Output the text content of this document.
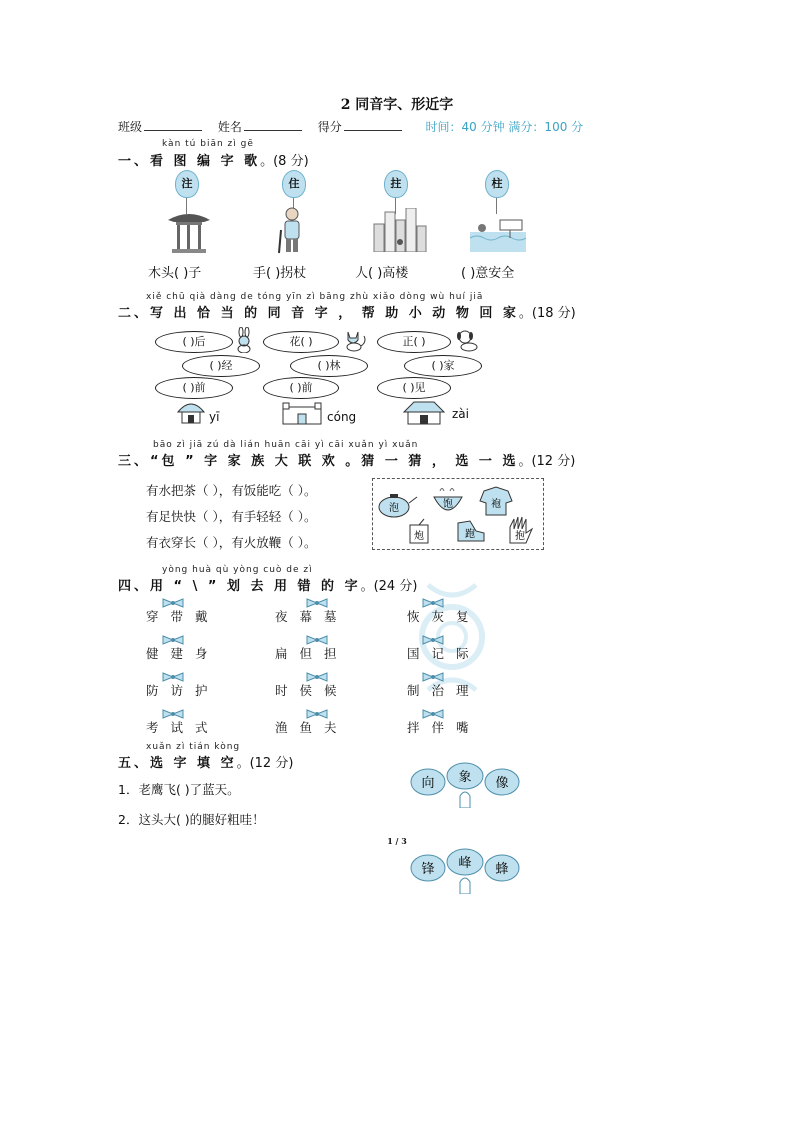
2 同音字、形近字
班级	姓名	得分	时间：40 分钟 满分：100 分
kàn tú biān zì gē
一、看 图 编 字 歌。(8 分)
注	住	拄	柱
木头( )子	手( )拐杖	人( )高楼	( )意安全
xiě chū qià dàng de tóng yīn zì bāng zhù xiǎo dòng wù huí jiā
二、写 出 恰 当 的 同 音 字 ， 帮 助 小 动 物 回 家。(18 分)
( )后	花( )	正( )
( )经	( )林	( )家
( )前	( )前	( )见
yī	cóng	zài
bāo zì jiā zú dà lián huān cāi yì cāi xuǎn yì xuǎn
三、“包 ” 字 家 族 大 联 欢 。猜 一 猜 ， 选 一 选。(12 分)
有水把茶（ ），有饭能吃（ ）。
有足快快（ ），有手轻轻（ ）。
有衣穿长（ ），有火放鞭（ ）。
泡	饱	袍
炮	跑	抱
yòng huà qù yòng cuò de zì
四、用 “ \ ” 划 去 用 错 的 字。(24 分)
穿带戴	夜幕墓	恢灰复
健建身	扁但担	国记际
防访护	时侯候	制治理
考试式	渔鱼夫	拌伴嘴
xuǎn zì tián kòng
五、选 字 填 空。(12 分)
1．老鹰飞( )了蓝天。
2．这头大( )的腿好粗哇！
向 象 像
1 / 3
锋 峰 蜂
